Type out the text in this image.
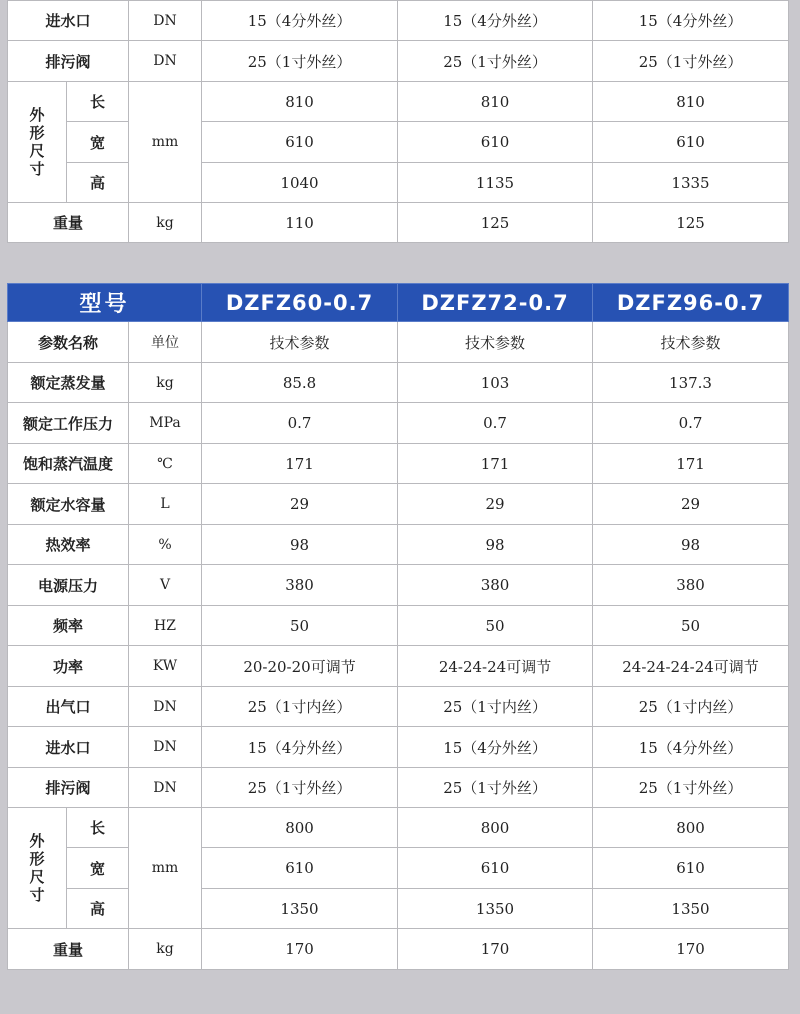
进水口		DN	15（4分外丝）	15（4分外丝）	15（4分外丝）
排污阀		DN	25（1寸外丝）	25（1寸外丝）	25（1寸外丝）

外
形
尺
寸	长	mm	810	810	810
	宽		610	610	610
	高		1040	1135	1335
重量		kg	110	125	125
型号			DZFZ60-0.7	DZFZ72-0.7	DZFZ96-0.7
参数名称		单位	技术参数	技术参数	技术参数
额定蒸发量		kg	85.8	103	137.3
额定工作压力		MPa	0.7	0.7	0.7
饱和蒸汽温度		℃	171	171	171
额定水容量		L	29	29	29
热效率		%	98	98	98
电源压力		V	380	380	380
频率		HZ	50	50	50
功率		KW	20-20-20可调节	24-24-24可调节	24-24-24-24可调节
出气口		DN	25（1寸内丝）	25（1寸内丝）	25（1寸内丝）
进水口		DN	15（4分外丝）	15（4分外丝）	15（4分外丝）
排污阀		DN	25（1寸外丝）	25（1寸外丝）	25（1寸外丝）

外
形
尺
寸	长	mm	800	800	800
	宽		610	610	610
	高		1350	1350	1350
重量		kg	170	170	170
